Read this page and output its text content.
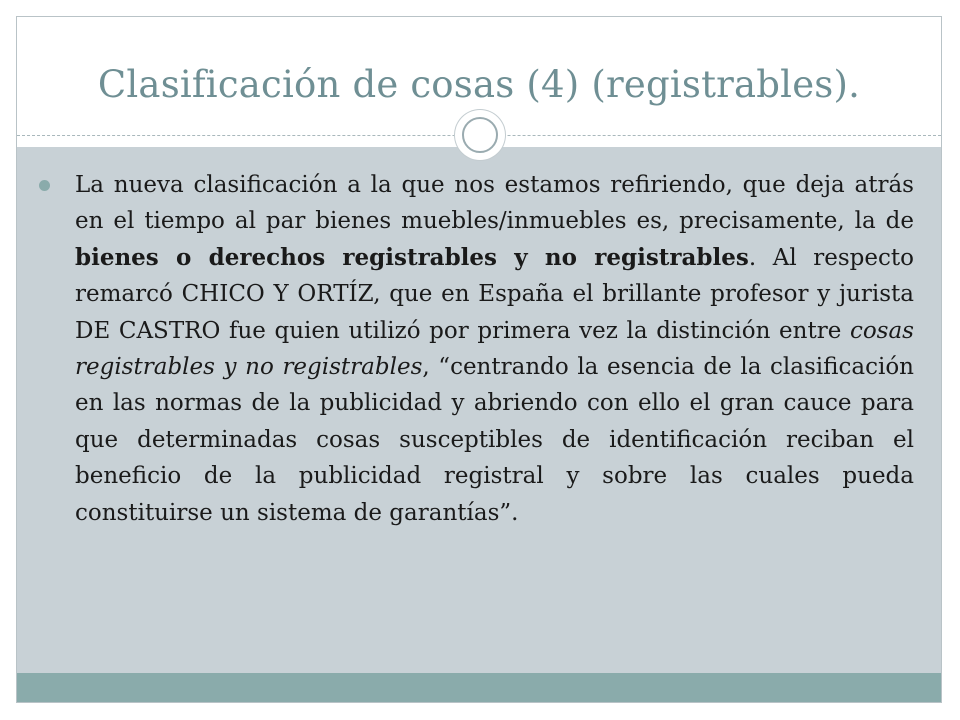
Clasificación de cosas (4) (registrables).

La nueva clasificación a la que nos estamos refiriendo, que deja atrás en el tiempo al par bienes muebles/inmuebles es, precisamente, la de bienes o derechos registrables y no registrables. Al respecto remarcó CHICO Y ORTÍZ, que en España el brillante profesor y jurista DE CASTRO fue quien utilizó por primera vez la distinción entre cosas registrables y no registrables, “centrando la esencia de la clasificación en las normas de la publicidad y abriendo con ello el gran cauce para que determinadas cosas susceptibles de identificación reciban el beneficio de la publicidad registral y sobre las cuales pueda constituirse un sistema de garantías”.
